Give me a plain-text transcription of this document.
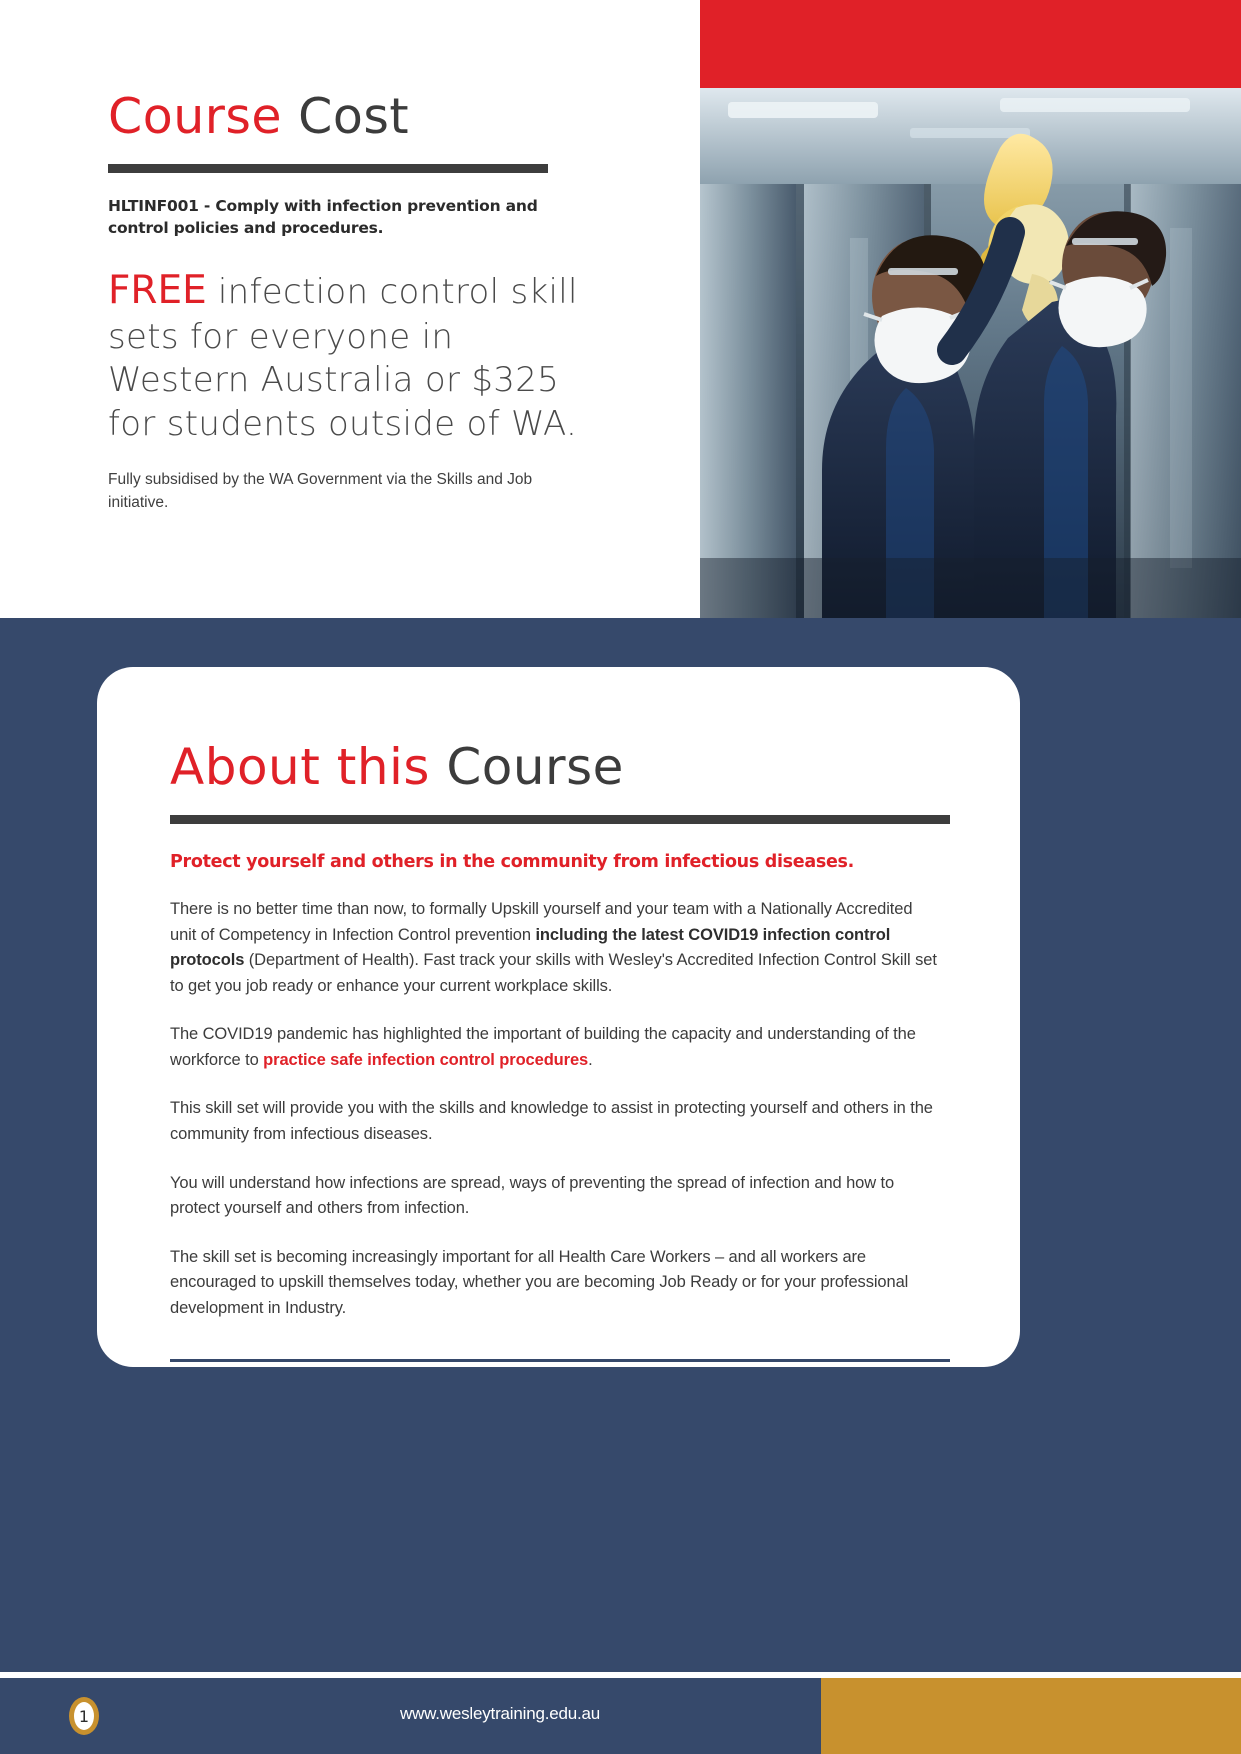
Course Cost
HLTINF001 - Comply with infection prevention and control policies and procedures.
FREE infection control skill sets for everyone in Western Australia or $325 for students outside of WA.
Fully subsidised by the WA Government via the Skills and Job initiative.
About this Course
Protect yourself and others in the community from infectious diseases.
There is no better time than now, to formally Upskill yourself and your team with a Nationally Accredited unit of Competency in Infection Control prevention including the latest COVID19 infection control protocols (Department of Health). Fast track your skills with Wesley's Accredited Infection Control Skill set to get you job ready or enhance your current workplace skills.
The COVID19 pandemic has highlighted the important of building the capacity and understanding of the workforce to practice safe infection control procedures.
This skill set will provide you with the skills and knowledge to assist in protecting yourself and others in the community from infectious diseases.
You will understand how infections are spread, ways of preventing the spread of infection and how to protect yourself and others from infection.
The skill set is becoming increasingly important for all Health Care Workers – and all workers are encouraged to upskill themselves today, whether you are becoming Job Ready or for your professional development in Industry.
1	www.wesleytraining.edu.au
